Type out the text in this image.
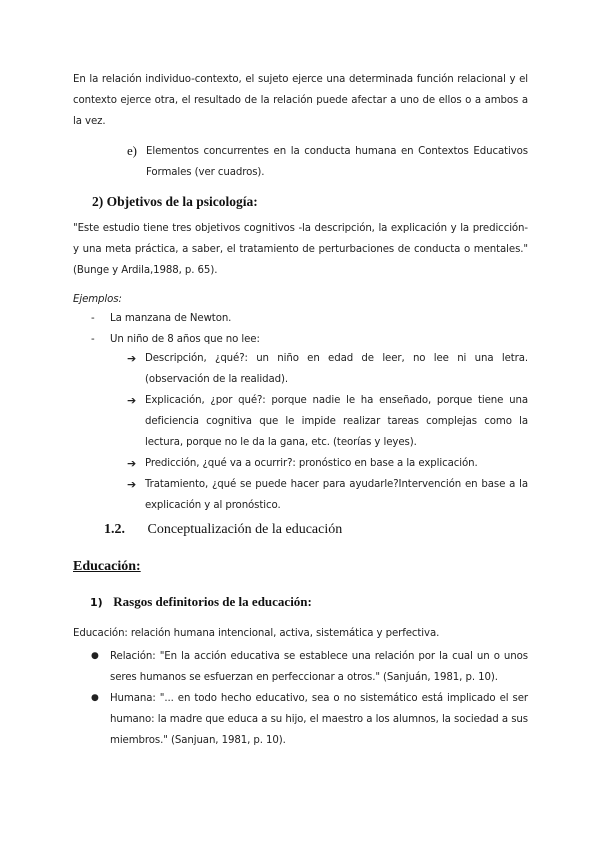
En la relación individuo-contexto, el sujeto ejerce una determinada función relacional y el contexto ejerce otra, el resultado de la relación puede afectar a uno de ellos o a ambos a la vez.
e) Elementos concurrentes en la conducta humana en Contextos Educativos Formales (ver cuadros).
2) Objetivos de la psicología:
"Este estudio tiene tres objetivos cognitivos -la descripción, la explicación y la predicción- y una meta práctica, a saber, el tratamiento de perturbaciones de conducta o mentales." (Bunge y Ardila,1988, p. 65).
Ejemplos:
- La manzana de Newton.
- Un niño de 8 años que no lee:
➔ Descripción, ¿qué?: un niño en edad de leer, no lee ni una letra. (observación de la realidad).
➔ Explicación, ¿por qué?: porque nadie le ha enseñado, porque tiene una deficiencia cognitiva que le impide realizar tareas complejas como la lectura, porque no le da la gana, etc. (teorías y leyes).
➔ Predicción, ¿qué va a ocurrir?: pronóstico en base a la explicación.
➔ Tratamiento, ¿qué se puede hacer para ayudarle?Intervención en base a la explicación y al pronóstico.
1.2. Conceptualización de la educación
Educación:
1) Rasgos definitorios de la educación:
Educación: relación humana intencional, activa, sistemática y perfectiva.
● Relación: "En la acción educativa se establece una relación por la cual un o unos seres humanos se esfuerzan en perfeccionar a otros." (Sanjuán, 1981, p. 10).
● Humana: "... en todo hecho educativo, sea o no sistemático está implicado el ser humano: la madre que educa a su hijo, el maestro a los alumnos, la sociedad a sus miembros." (Sanjuan, 1981, p. 10).
